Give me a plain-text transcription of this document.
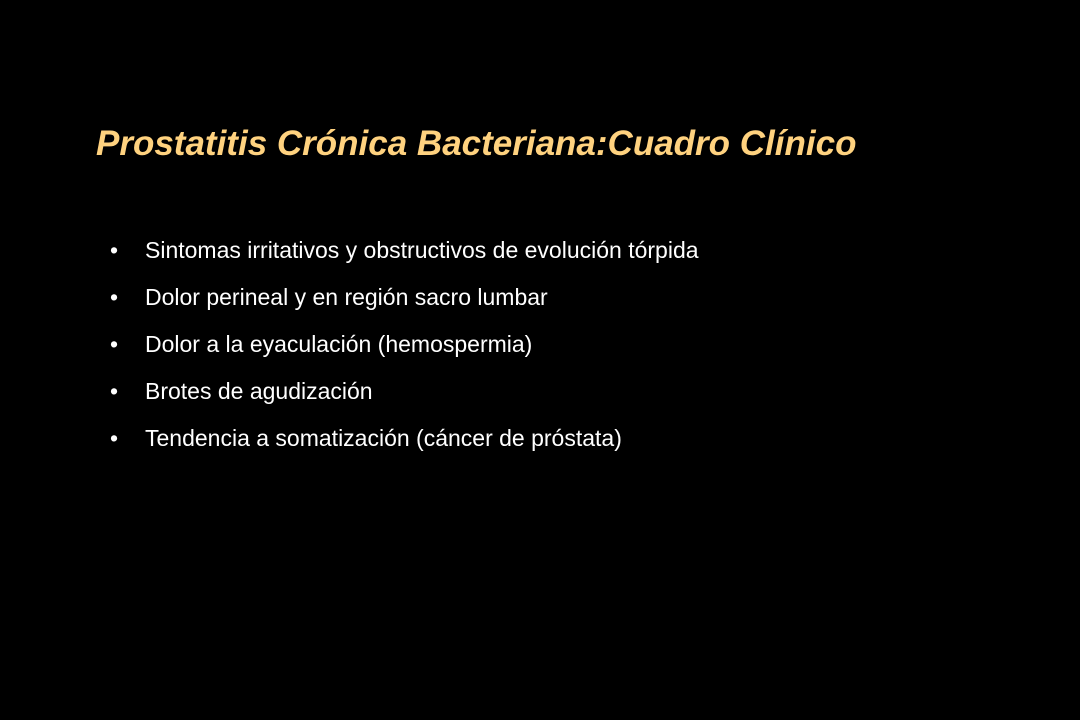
Prostatitis Crónica Bacteriana:Cuadro Clínico
• Sintomas irritativos y obstructivos de evolución tórpida
• Dolor perineal y en región sacro lumbar
• Dolor a la eyaculación (hemospermia)
• Brotes de agudización
• Tendencia a somatización (cáncer de próstata)
